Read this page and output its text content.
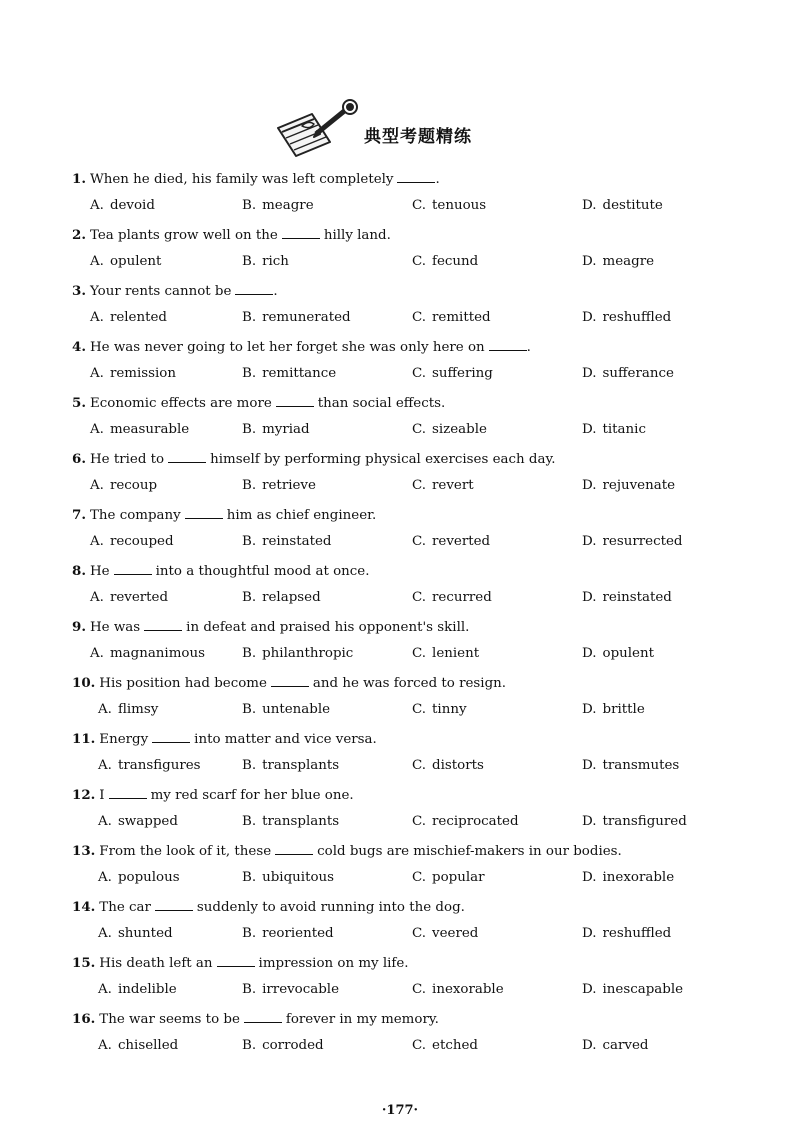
典型考题精练
1. When he died, his family was left completely	.
A. devoid	B. meagre	C. tenuous	D. destitute
2. Tea plants grow well on the	hilly land.
A. opulent	B. rich	C. fecund	D. meagre
3. Your rents cannot be	.
A. relented	B. remunerated	C. remitted	D. reshuffled
4. He was never going to let her forget she was only here on	.
A. remission	B. remittance	C. suffering	D. sufferance
5. Economic effects are more	than social effects.
A. measurable	B. myriad	C. sizeable	D. titanic
6. He tried to	himself by performing physical exercises each day.
A. recoup	B. retrieve	C. revert	D. rejuvenate
7. The company	him as chief engineer.
A. recouped	B. reinstated	C. reverted	D. resurrected
8. He	into a thoughtful mood at once.
A. reverted	B. relapsed	C. recurred	D. reinstated
9. He was	in defeat and praised his opponent's skill.
A. magnanimous	B. philanthropic	C. lenient	D. opulent
10. His position had become	and he was forced to resign.
A. flimsy	B. untenable	C. tinny	D. brittle
11. Energy	into matter and vice versa.
A. transfigures	B. transplants	C. distorts	D. transmutes
12. I	my red scarf for her blue one.
A. swapped	B. transplants	C. reciprocated	D. transfigured
13. From the look of it, these	cold bugs are mischief-makers in our bodies.
A. populous	B. ubiquitous	C. popular	D. inexorable
14. The car	suddenly to avoid running into the dog.
A. shunted	B. reoriented	C. veered	D. reshuffled
15. His death left an	impression on my life.
A. indelible	B. irrevocable	C. inexorable	D. inescapable
16. The war seems to be	forever in my memory.
A. chiselled	B. corroded	C. etched	D. carved
·177·
